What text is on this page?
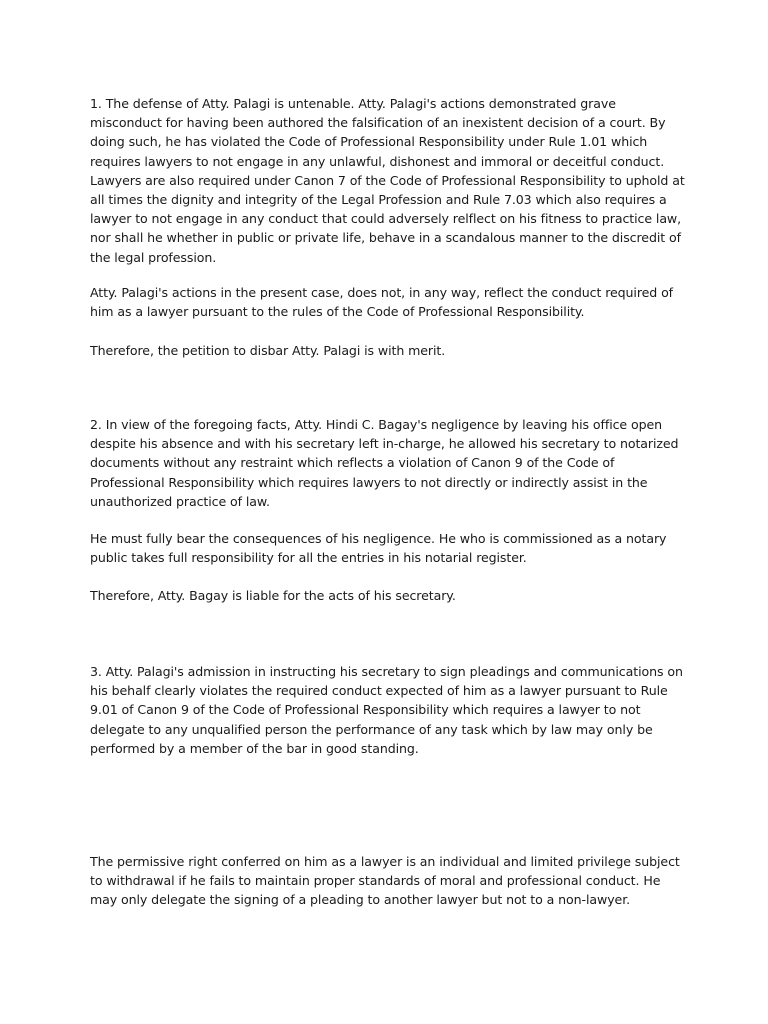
1. The defense of Atty. Palagi is untenable. Atty. Palagi's actions demonstrated grave misconduct for having been authored the falsification of an inexistent decision of a court. By doing such, he has violated the Code of Professional Responsibility under Rule 1.01 which requires lawyers to not engage in any unlawful, dishonest and immoral or deceitful conduct. Lawyers are also required under Canon 7 of the Code of Professional Responsibility to uphold at all times the dignity and integrity of the Legal Profession and Rule 7.03 which also requires a lawyer to not engage in any conduct that could adversely relflect on his fitness to practice law, nor shall he whether in public or private life, behave in a scandalous manner to the discredit of the legal profession.

Atty. Palagi's actions in the present case, does not, in any way, reflect the conduct required of him as a lawyer pursuant to the rules of the Code of Professional Responsibility.

Therefore, the petition to disbar Atty. Palagi is with merit.

2. In view of the foregoing facts, Atty. Hindi C. Bagay's negligence by leaving his office open despite his absence and with his secretary left in-charge, he allowed his secretary to notarized documents without any restraint which reflects a violation of Canon 9 of the Code of Professional Responsibility which requires lawyers to not directly or indirectly assist in the unauthorized practice of law.

He must fully bear the consequences of his negligence. He who is commissioned as a notary public takes full responsibility for all the entries in his notarial register.

Therefore, Atty. Bagay is liable for the acts of his secretary.

3. Atty. Palagi's admission in instructing his secretary to sign pleadings and communications on his behalf clearly violates the required conduct expected of him as a lawyer pursuant to Rule 9.01 of Canon 9 of the Code of Professional Responsibility which requires a lawyer to not delegate to any unqualified person the performance of any task which by law may only be performed by a member of the bar in good standing.

The permissive right conferred on him as a lawyer is an individual and limited privilege subject to withdrawal if he fails to maintain proper standards of moral and professional conduct. He may only delegate the signing of a pleading to another lawyer but not to a non-lawyer.
